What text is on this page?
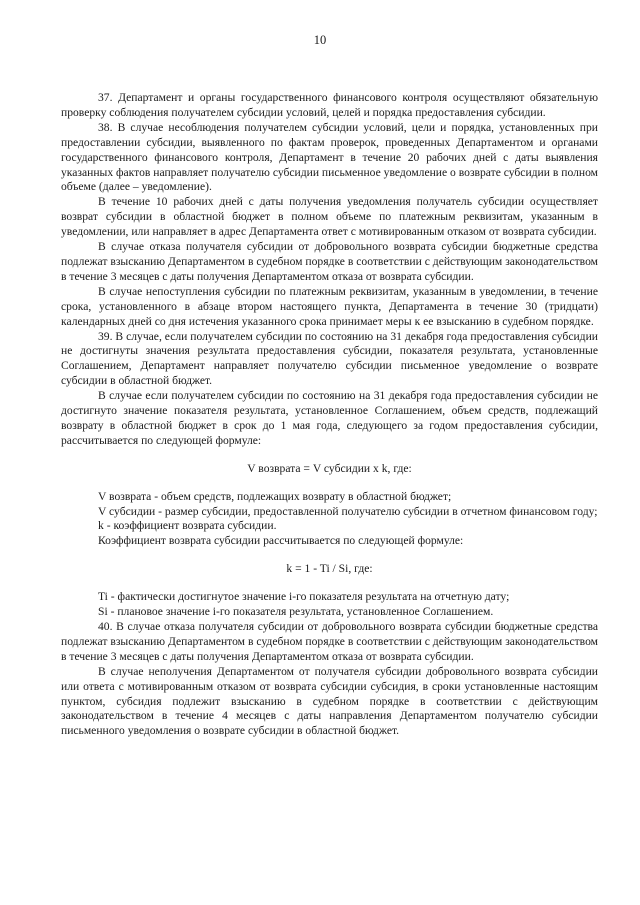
10

37. Департамент и органы государственного финансового контроля осуществляют обязательную проверку соблюдения получателем субсидии условий, целей и порядка предоставления субсидии.

38. В случае несоблюдения получателем субсидии условий, цели и порядка, установленных при предоставлении субсидии, выявленного по фактам проверок, проведенных Департаментом и органами государственного финансового контроля, Департамент в течение 20 рабочих дней с даты выявления указанных фактов направляет получателю субсидии письменное уведомление о возврате субсидии в полном объеме (далее – уведомление).

В течение 10 рабочих дней с даты получения уведомления получатель субсидии осуществляет возврат субсидии в областной бюджет в полном объеме по платежным реквизитам, указанным в уведомлении, или направляет в адрес Департамента ответ с мотивированным отказом от возврата субсидии.

В случае отказа получателя субсидии от добровольного возврата субсидии бюджетные средства подлежат взысканию Департаментом в судебном порядке в соответствии с действующим законодательством в течение 3 месяцев с даты получения Департаментом отказа от возврата субсидии.

В случае непоступления субсидии по платежным реквизитам, указанным в уведомлении, в течение срока, установленного в абзаце втором настоящего пункта, Департамента в течение 30 (тридцати) календарных дней со дня истечения указанного срока принимает меры к ее взысканию в судебном порядке.

39. В случае, если получателем субсидии по состоянию на 31 декабря года предоставления субсидии не достигнуты значения результата предоставления субсидии, показателя результата, установленные Соглашением, Департамент направляет получателю субсидии письменное уведомление о возврате субсидии в областной бюджет.

В случае если получателем субсидии по состоянию на 31 декабря года предоставления субсидии не достигнуто значение показателя результата, установленное Соглашением, объем средств, подлежащий возврату в областной бюджет в срок до 1 мая года, следующего за годом предоставления субсидии, рассчитывается по следующей формуле:

V возврата = V субсидии x k, где:

V возврата - объем средств, подлежащих возврату в областной бюджет;

V субсидии - размер субсидии, предоставленной получателю субсидии в отчетном финансовом году;

k - коэффициент возврата субсидии.

Коэффициент возврата субсидии рассчитывается по следующей формуле:

k = 1 - Ti / Si, где:

Ti - фактически достигнутое значение i-го показателя результата на отчетную дату;

Si - плановое значение i-го показателя результата, установленное Соглашением.

40. В случае отказа получателя субсидии от добровольного возврата субсидии бюджетные средства подлежат взысканию Департаментом в судебном порядке в соответствии с действующим законодательством в течение 3 месяцев с даты получения Департаментом отказа от возврата субсидии.

В случае неполучения Департаментом от получателя субсидии добровольного возврата субсидии или ответа с мотивированным отказом от возврата субсидии субсидия, в сроки установленные настоящим пунктом, субсидия подлежит взысканию в судебном порядке в соответствии с действующим законодательством в течение 4 месяцев с даты направления Департаментом получателю субсидии письменного уведомления о возврате субсидии в областной бюджет.
